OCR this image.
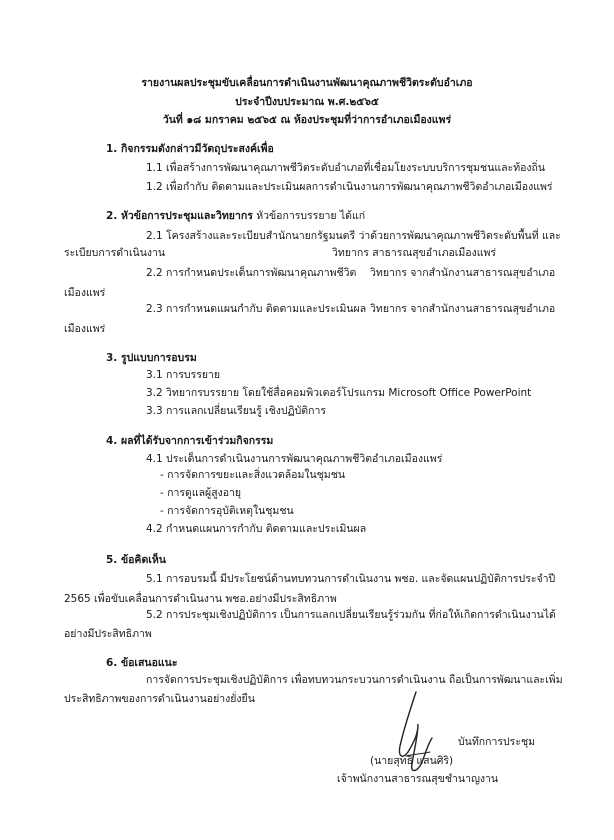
รายงานผลประชุมขับเคลื่อนการดำเนินงานพัฒนาคุณภาพชีวิตระดับอำเภอ
ประจำปีงบประมาณ พ.ศ.๒๕๖๕
วันที่ ๑๘ มกราคม ๒๕๖๕ ณ ห้องประชุมที่ว่าการอำเภอเมืองแพร่
1. กิจกรรมดังกล่าวมีวัตถุประสงค์เพื่อ
1.1 เพื่อสร้างการพัฒนาคุณภาพชีวิตระดับอำเภอที่เชื่อมโยงระบบบริการชุมชนและท้องถิ่น
1.2 เพื่อกำกับ ติดตามและประเมินผลการดำเนินงานการพัฒนาคุณภาพชีวิตอำเภอเมืองแพร่
2. หัวข้อการประชุมและวิทยากร หัวข้อการบรรยาย ได้แก่
2.1 โครงสร้างและระเบียบสำนักนายกรัฐมนตรี ว่าด้วยการพัฒนาคุณภาพชีวิตระดับพื้นที่ และ
ระเบียบการดำเนินงาน	วิทยากร สาธารณสุขอำเภอเมืองแพร่
2.2 การกำหนดประเด็นการพัฒนาคุณภาพชีวิต วิทยากร จากสำนักงานสาธารณสุขอำเภอ
เมืองแพร่
2.3 การกำหนดแผนกำกับ ติดตามและประเมินผล วิทยากร จากสำนักงานสาธารณสุขอำเภอ
เมืองแพร่
3. รูปแบบการอบรม
3.1 การบรรยาย
3.2 วิทยากรบรรยาย โดยใช้สื่อคอมพิวเตอร์โปรแกรม Microsoft Office PowerPoint
3.3 การแลกเปลี่ยนเรียนรู้ เชิงปฏิบัติการ
4. ผลที่ได้รับจากการเข้าร่วมกิจกรรม
4.1 ประเด็นการดำเนินงานการพัฒนาคุณภาพชีวิตอำเภอเมืองแพร่
- การจัดการขยะและสิ่งแวดล้อมในชุมชน
- การดูแลผู้สูงอายุ
- การจัดการอุบัติเหตุในชุมชน
4.2 กำหนดแผนการกำกับ ติดตามและประเมินผล
5. ข้อคิดเห็น
5.1 การอบรมนี้ มีประโยชน์ด้านทบทวนการดำเนินงาน พชอ. และจัดแผนปฏิบัติการประจำปี
2565 เพื่อขับเคลื่อนการดำเนินงาน พชอ.อย่างมีประสิทธิภาพ
5.2 การประชุมเชิงปฏิบัติการ เป็นการแลกเปลี่ยนเรียนรู้ร่วมกัน ที่ก่อให้เกิดการดำเนินงานได้
อย่างมีประสิทธิภาพ
6. ข้อเสนอแนะ
การจัดการประชุมเชิงปฏิบัติการ เพื่อทบทวนกระบวนการดำเนินงาน ถือเป็นการพัฒนาและเพิ่ม
ประสิทธิภาพของการดำเนินงานอย่างยั่งยืน
บันทึกการประชุม
(นายสุทธิ แสนศิริ)
เจ้าพนักงานสาธารณสุขชำนาญงาน
